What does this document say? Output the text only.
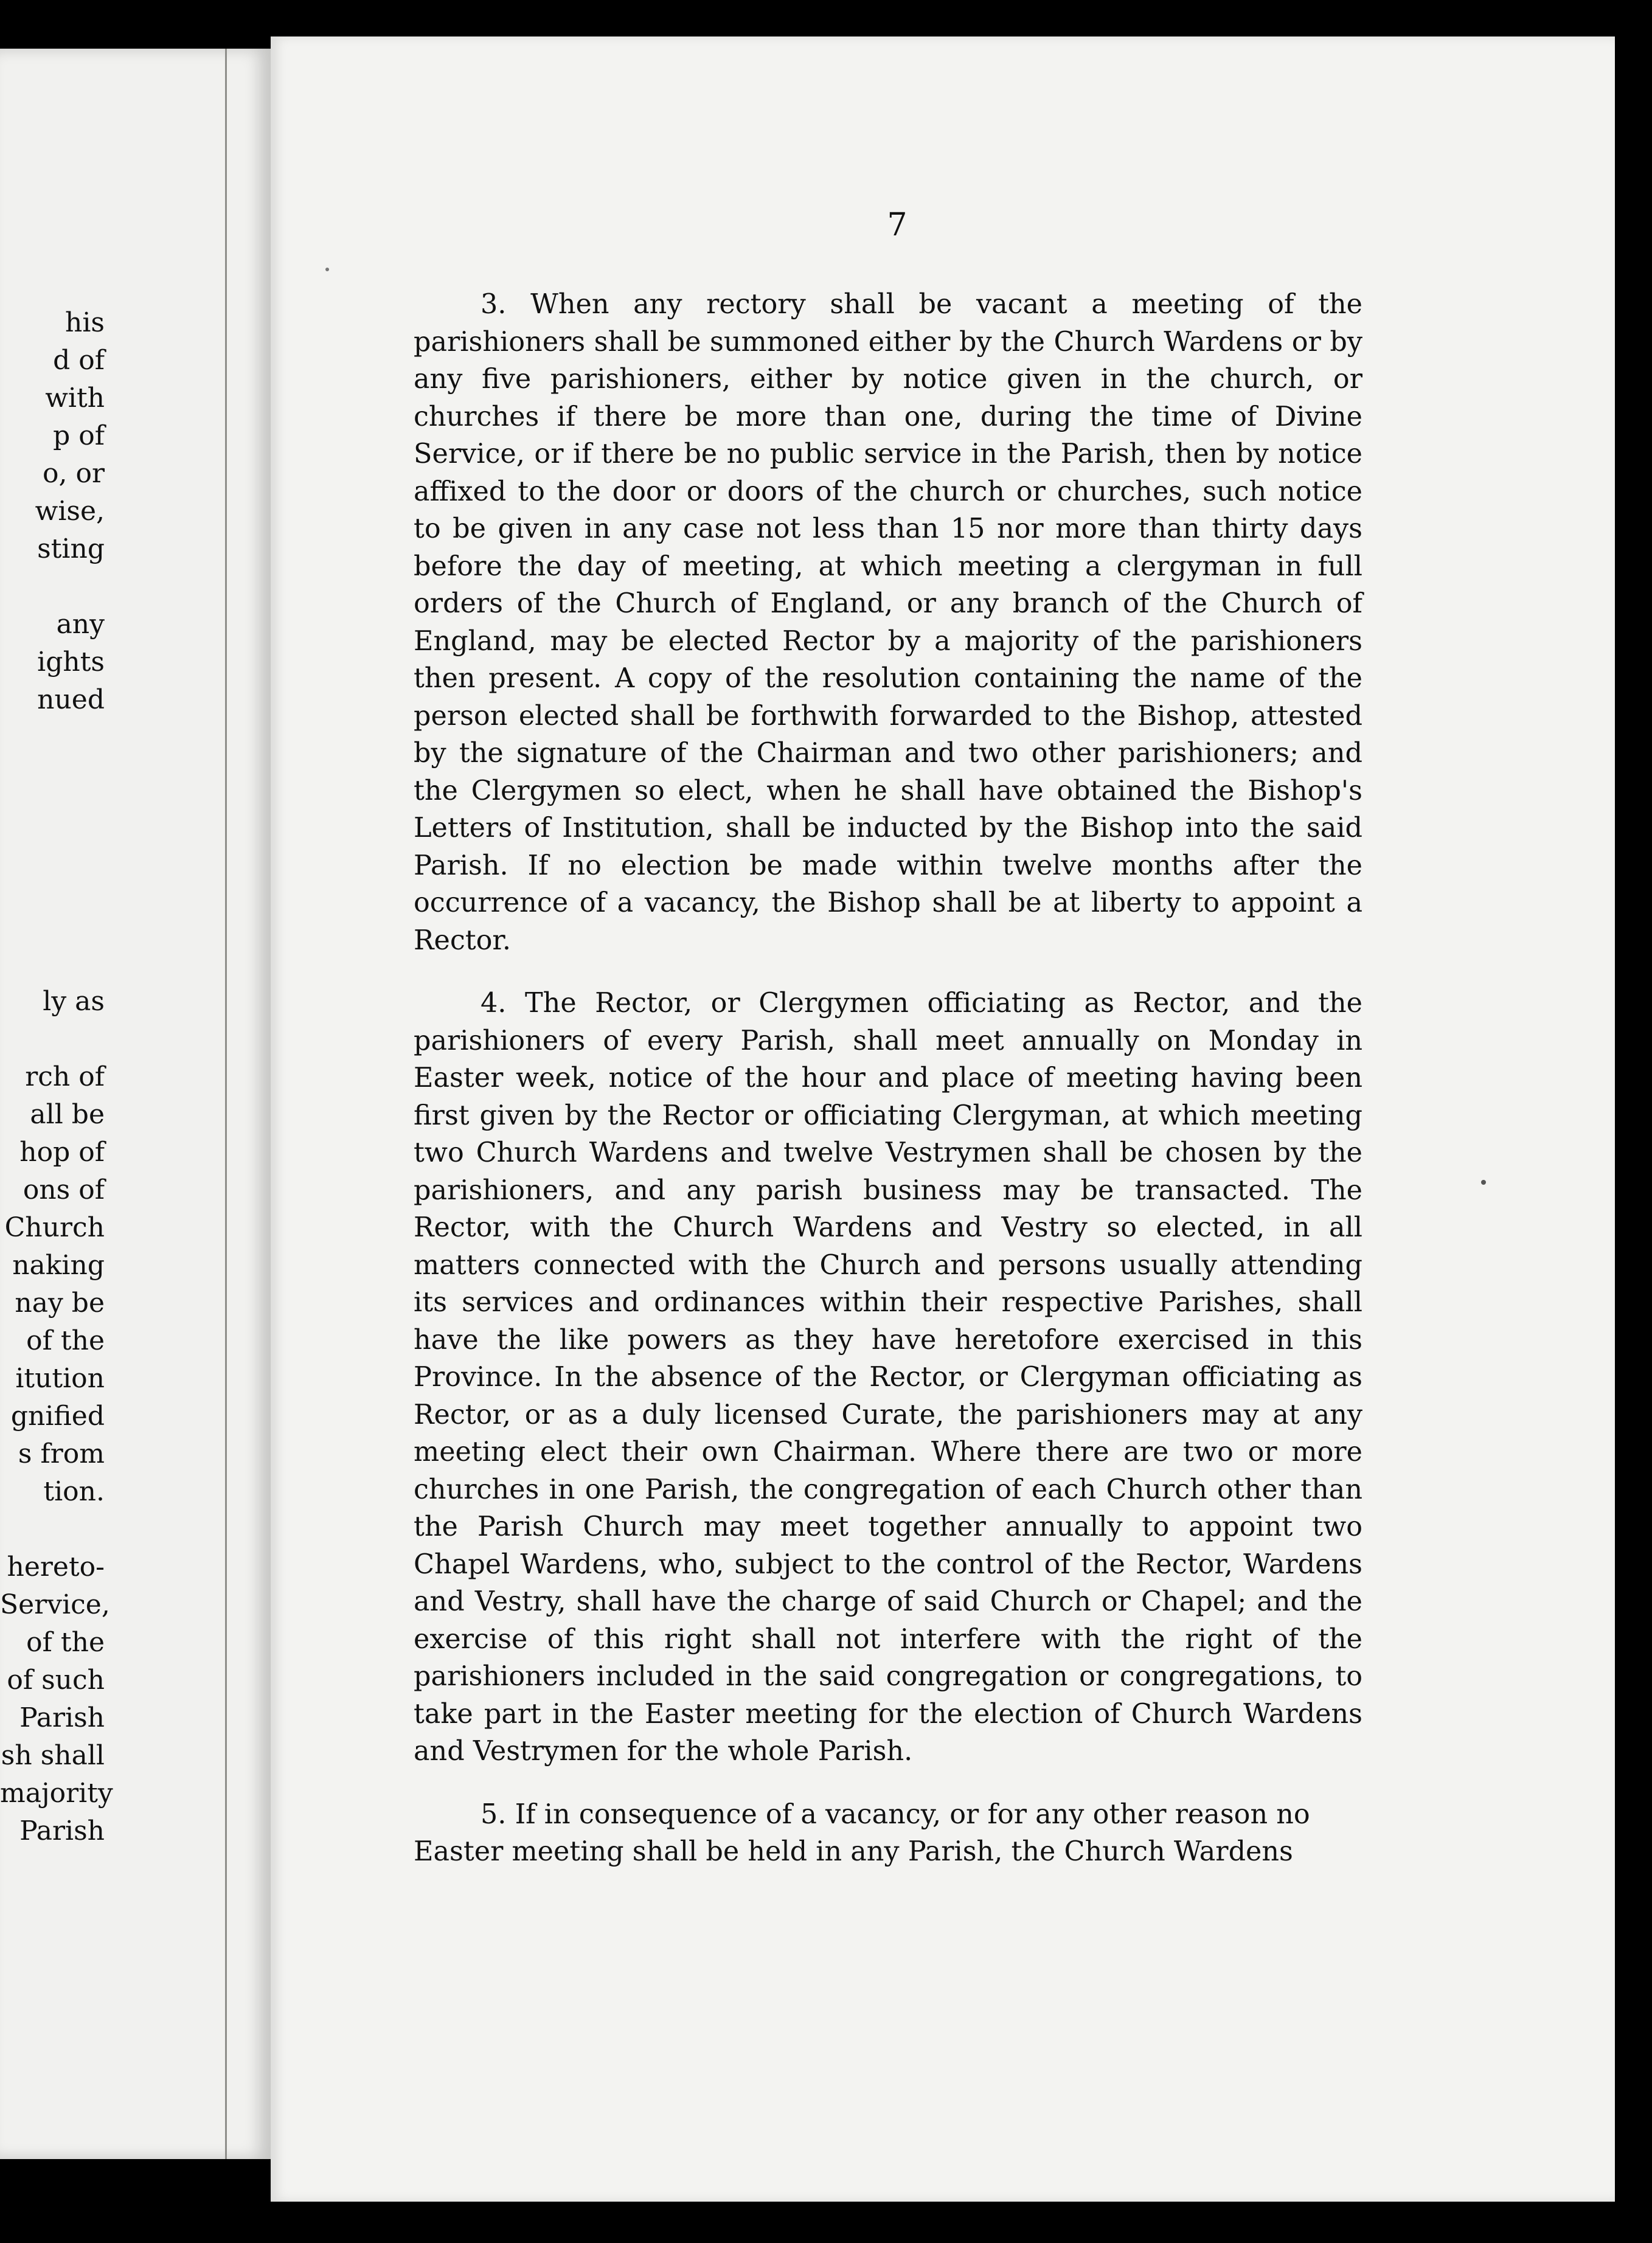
his
d of
with
p of
o, or
wise,
sting
any
ights
nued
ly as
rch of
all be
hop of
ons of
Church
naking
nay be
of the
itution
gnified
s from
tion.
hereto-
Service,
of the
of such
Parish
sh shall
majority
Parish
7

3. When any rectory shall be vacant a meeting of the parishioners shall be summoned either by the Church Wardens or by any five parishioners, either by notice given in the church, or churches if there be more than one, during the time of Divine Service, or if there be no public service in the Parish, then by notice affixed to the door or doors of the church or churches, such notice to be given in any case not less than 15 nor more than thirty days before the day of meeting, at which meeting a clergyman in full orders of the Church of England, or any branch of the Church of England, may be elected Rector by a majority of the parishioners then present. A copy of the resolution containing the name of the person elected shall be forthwith forwarded to the Bishop, attested by the signature of the Chairman and two other parishioners; and the Clergymen so elect, when he shall have obtained the Bishop's Letters of Institution, shall be inducted by the Bishop into the said Parish. If no election be made within twelve months after the occurrence of a vacancy, the Bishop shall be at liberty to appoint a Rector.

4. The Rector, or Clergymen officiating as Rector, and the parishioners of every Parish, shall meet annually on Monday in Easter week, notice of the hour and place of meeting having been first given by the Rector or officiating Clergyman, at which meeting two Church Wardens and twelve Vestrymen shall be chosen by the parishioners, and any parish business may be transacted. The Rector, with the Church Wardens and Vestry so elected, in all matters connected with the Church and persons usually attending its services and ordinances within their respective Parishes, shall have the like powers as they have heretofore exercised in this Province. In the absence of the Rector, or Clergyman officiating as Rector, or as a duly licensed Curate, the parishioners may at any meeting elect their own Chairman. Where there are two or more churches in one Parish, the congregation of each Church other than the Parish Church may meet together annually to appoint two Chapel Wardens, who, subject to the control of the Rector, Wardens and Vestry, shall have the charge of said Church or Chapel; and the exercise of this right shall not interfere with the right of the parishioners included in the said congregation or congregations, to take part in the Easter meeting for the election of Church Wardens and Vestrymen for the whole Parish.

5. If in consequence of a vacancy, or for any other reason no Easter meeting shall be held in any Parish, the Church Wardens
